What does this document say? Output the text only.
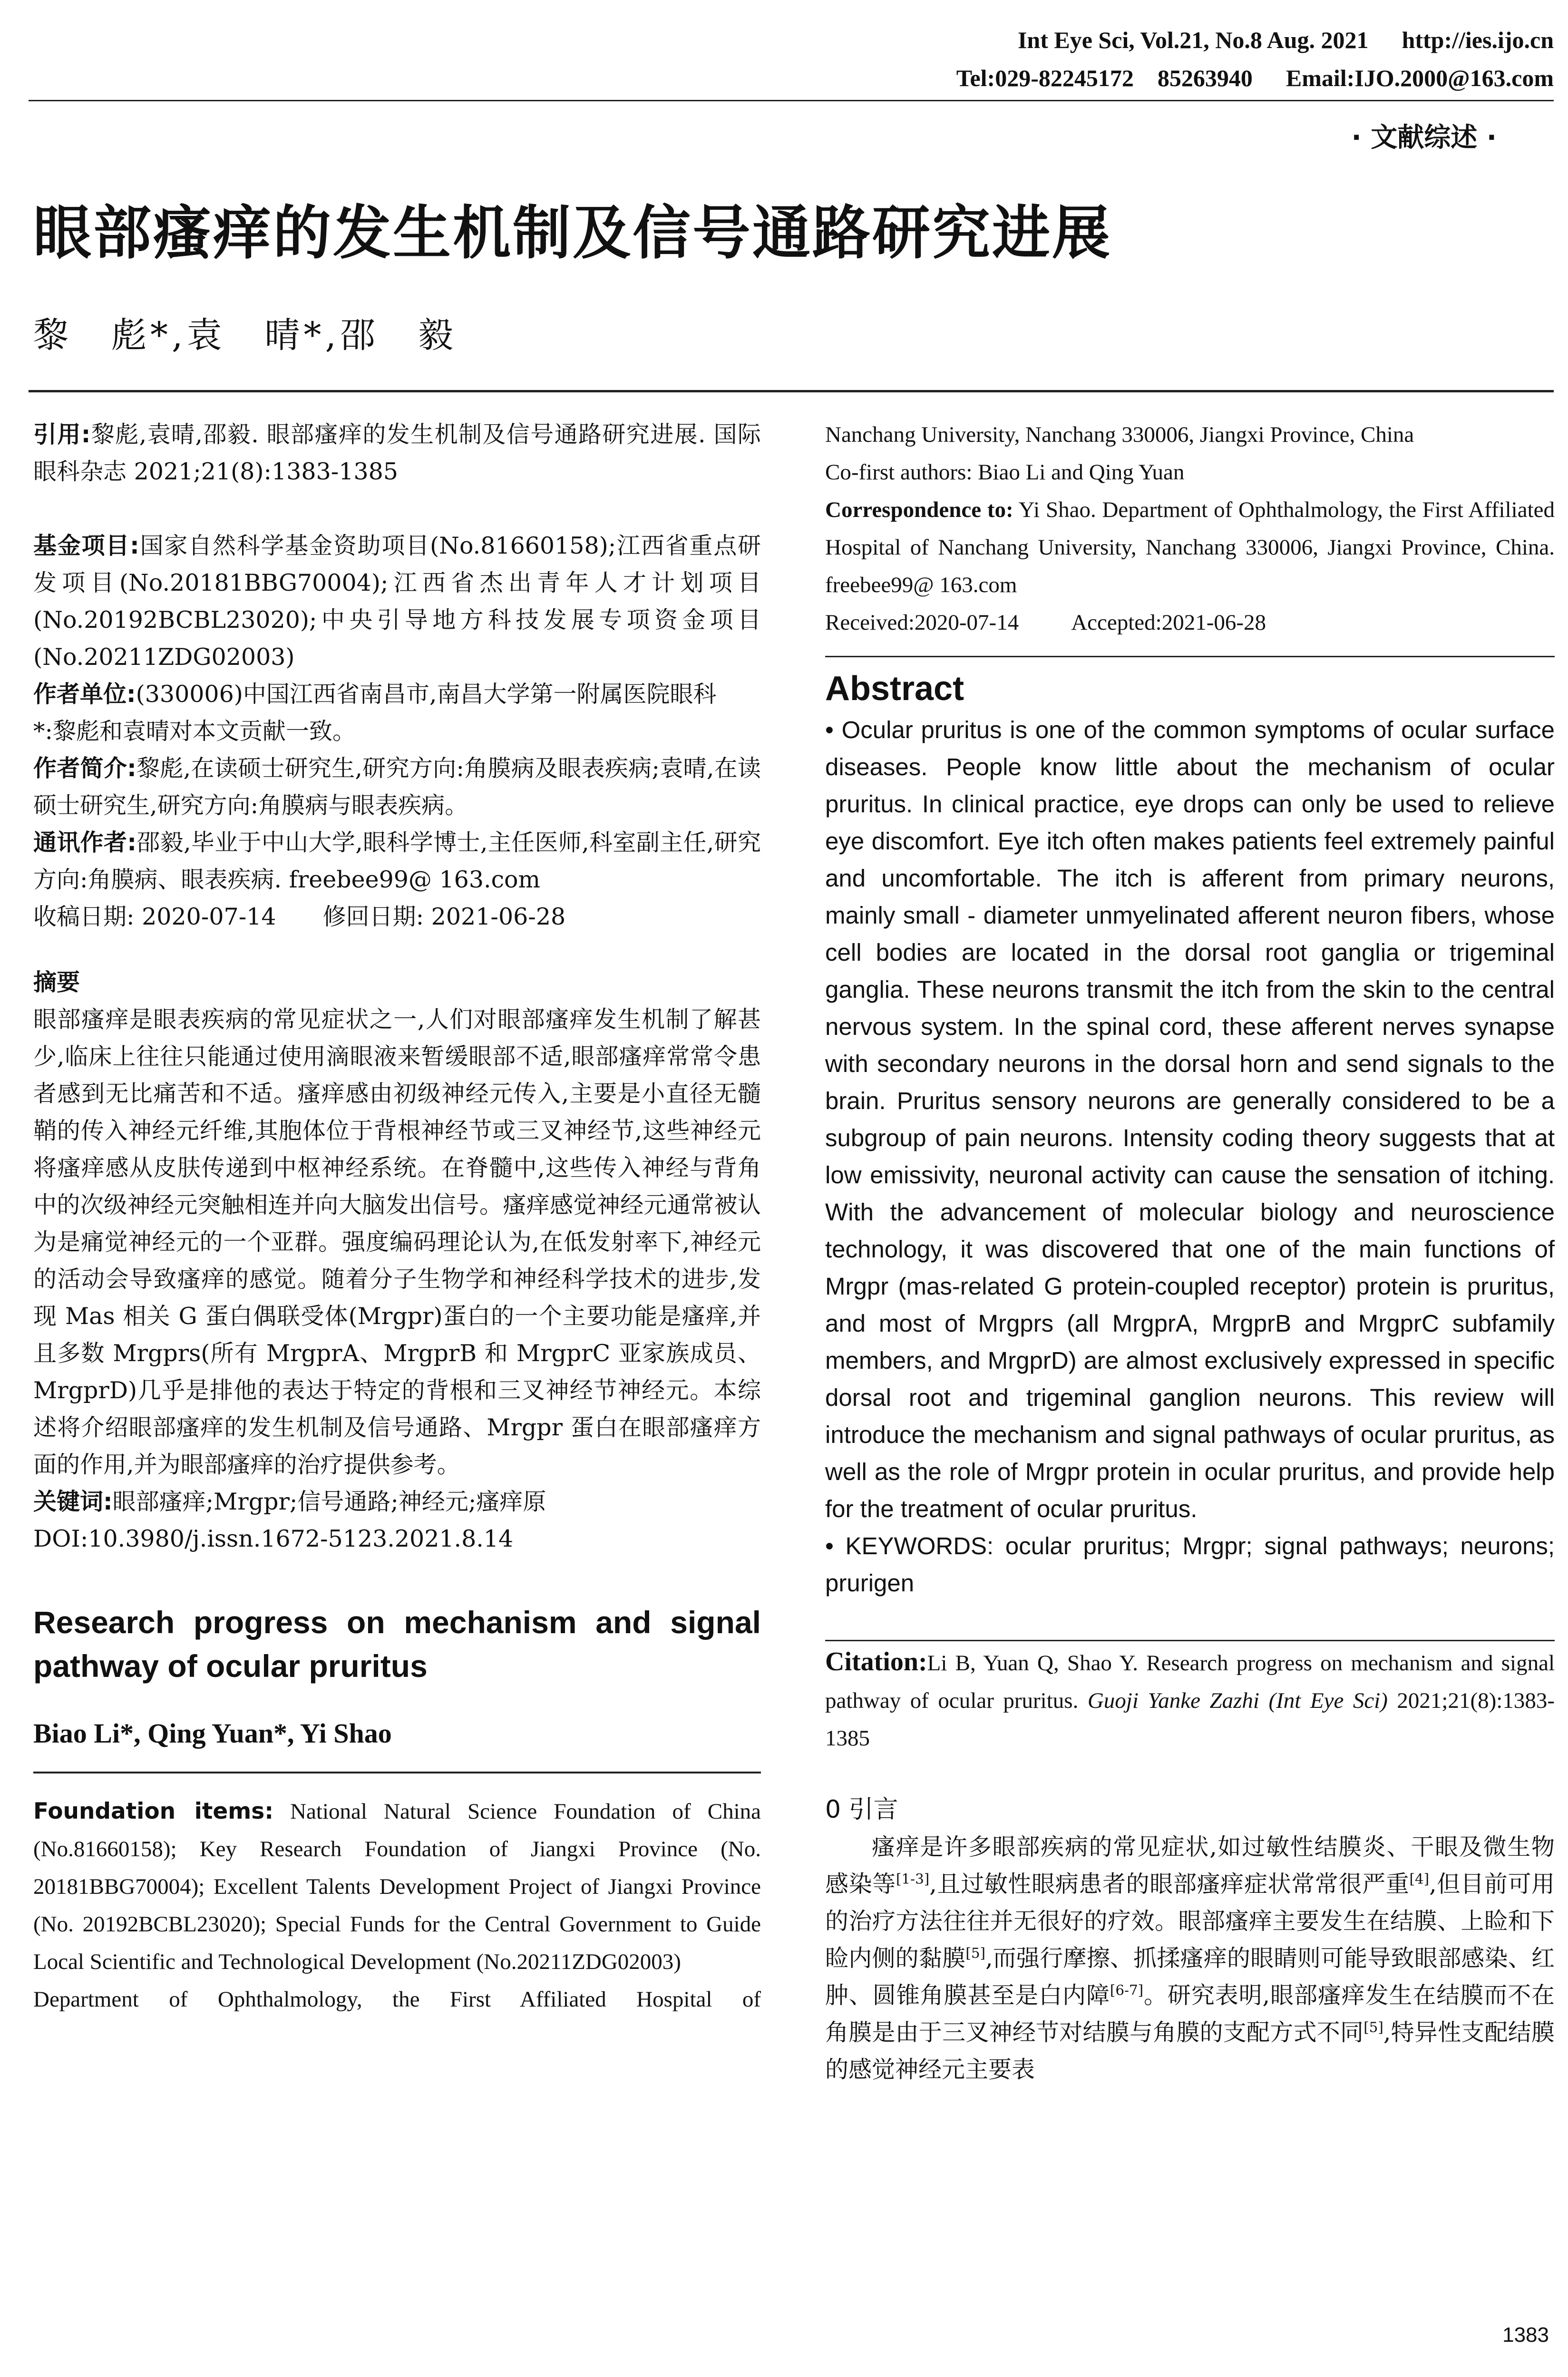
Int Eye Sci, Vol.21, No.8 Aug. 2021 http://ies.ijo.cn
Tel:029-82245172　85263940 Email:IJO.2000@163.com
· 文献综述 ·
眼部瘙痒的发生机制及信号通路研究进展
黎　彪*,袁　晴*,邵　毅
引用:黎彪,袁晴,邵毅. 眼部瘙痒的发生机制及信号通路研究进展. 国际眼科杂志 2021;21(8):1383-1385
基金项目:国家自然科学基金资助项目(No.81660158);江西省重点研发项目(No.20181BBG70004);江西省杰出青年人才计划项目(No.20192BCBL23020);中央引导地方科技发展专项资金项目(No.20211ZDG02003)
作者单位:(330006)中国江西省南昌市,南昌大学第一附属医院眼科
*:黎彪和袁晴对本文贡献一致。
作者简介:黎彪,在读硕士研究生,研究方向:角膜病及眼表疾病;袁晴,在读硕士研究生,研究方向:角膜病与眼表疾病。
通讯作者:邵毅,毕业于中山大学,眼科学博士,主任医师,科室副主任,研究方向:角膜病、眼表疾病. freebee99@ 163.com
收稿日期: 2020-07-14　　修回日期: 2021-06-28
摘要
眼部瘙痒是眼表疾病的常见症状之一,人们对眼部瘙痒发生机制了解甚少,临床上往往只能通过使用滴眼液来暂缓眼部不适,眼部瘙痒常常令患者感到无比痛苦和不适。瘙痒感由初级神经元传入,主要是小直径无髓鞘的传入神经元纤维,其胞体位于背根神经节或三叉神经节,这些神经元将瘙痒感从皮肤传递到中枢神经系统。在脊髓中,这些传入神经与背角中的次级神经元突触相连并向大脑发出信号。瘙痒感觉神经元通常被认为是痛觉神经元的一个亚群。强度编码理论认为,在低发射率下,神经元的活动会导致瘙痒的感觉。随着分子生物学和神经科学技术的进步,发现 Mas 相关 G 蛋白偶联受体(Mrgpr)蛋白的一个主要功能是瘙痒,并且多数 Mrgprs(所有 MrgprA、MrgprB 和 MrgprC 亚家族成员、MrgprD)几乎是排他的表达于特定的背根和三叉神经节神经元。本综述将介绍眼部瘙痒的发生机制及信号通路、Mrgpr 蛋白在眼部瘙痒方面的作用,并为眼部瘙痒的治疗提供参考。
关键词:眼部瘙痒;Mrgpr;信号通路;神经元;瘙痒原
DOI:10.3980/j.issn.1672-5123.2021.8.14
Research progress on mechanism and signal pathway of ocular pruritus
Biao Li*, Qing Yuan*, Yi Shao
Foundation items: National Natural Science Foundation of China (No.81660158); Key Research Foundation of Jiangxi Province (No. 20181BBG70004); Excellent Talents Development Project of Jiangxi Province (No. 20192BCBL23020); Special Funds for the Central Government to Guide Local Scientific and Technological Development (No.20211ZDG02003)
Department of Ophthalmology, the First Affiliated Hospital of
Nanchang University, Nanchang 330006, Jiangxi Province, China
Co-first authors: Biao Li and Qing Yuan
Correspondence to: Yi Shao. Department of Ophthalmology, the First Affiliated Hospital of Nanchang University, Nanchang 330006, Jiangxi Province, China. freebee99@ 163.com
Received:2020-07-14 Accepted:2021-06-28
Abstract
• Ocular pruritus is one of the common symptoms of ocular surface diseases. People know little about the mechanism of ocular pruritus. In clinical practice, eye drops can only be used to relieve eye discomfort. Eye itch often makes patients feel extremely painful and uncomfortable. The itch is afferent from primary neurons, mainly small - diameter unmyelinated afferent neuron fibers, whose cell bodies are located in the dorsal root ganglia or trigeminal ganglia. These neurons transmit the itch from the skin to the central nervous system. In the spinal cord, these afferent nerves synapse with secondary neurons in the dorsal horn and send signals to the brain. Pruritus sensory neurons are generally considered to be a subgroup of pain neurons. Intensity coding theory suggests that at low emissivity, neuronal activity can cause the sensation of itching. With the advancement of molecular biology and neuroscience technology, it was discovered that one of the main functions of Mrgpr (mas-related G protein-coupled receptor) protein is pruritus, and most of Mrgprs (all MrgprA, MrgprB and MrgprC subfamily members, and MrgprD) are almost exclusively expressed in specific dorsal root and trigeminal ganglion neurons. This review will introduce the mechanism and signal pathways of ocular pruritus, as well as the role of Mrgpr protein in ocular pruritus, and provide help for the treatment of ocular pruritus.
• KEYWORDS: ocular pruritus; Mrgpr; signal pathways; neurons; prurigen
Citation:Li B, Yuan Q, Shao Y. Research progress on mechanism and signal pathway of ocular pruritus. Guoji Yanke Zazhi (Int Eye Sci) 2021;21(8):1383-1385
0 引言
瘙痒是许多眼部疾病的常见症状,如过敏性结膜炎、干眼及微生物感染等[1-3],且过敏性眼病患者的眼部瘙痒症状常常很严重[4],但目前可用的治疗方法往往并无很好的疗效。眼部瘙痒主要发生在结膜、上睑和下睑内侧的黏膜[5],而强行摩擦、抓揉瘙痒的眼睛则可能导致眼部感染、红肿、圆锥角膜甚至是白内障[6-7]。研究表明,眼部瘙痒发生在结膜而不在角膜是由于三叉神经节对结膜与角膜的支配方式不同[5],特异性支配结膜的感觉神经元主要表
1383
